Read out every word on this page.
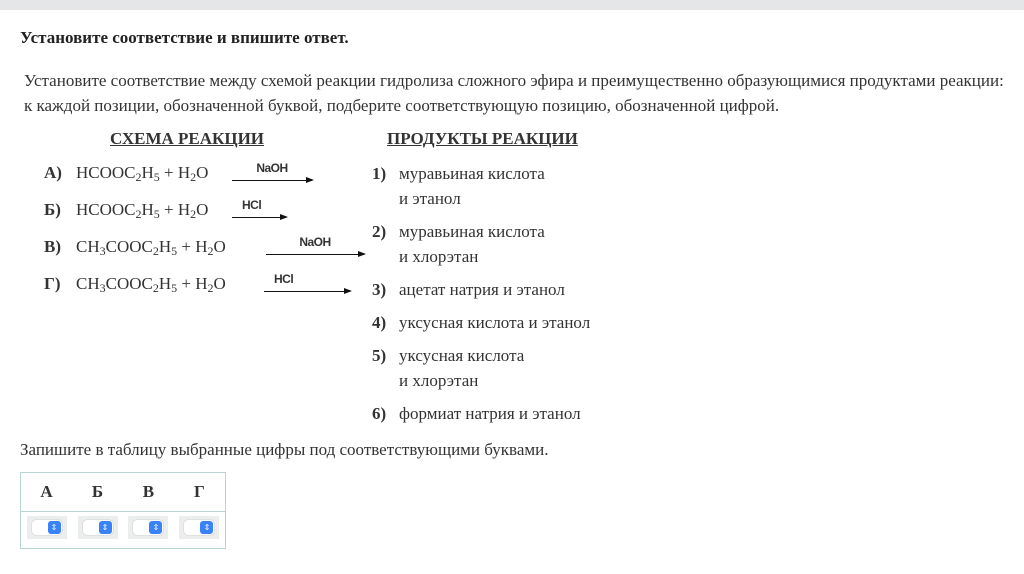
Установите соответствие и впишите ответ.
Установите соответствие между схемой реакции гидролиза сложного эфира и преимущественно образующимися продуктами реакции: к каждой позиции, обозначенной буквой, подберите соответствующую позицию, обозначенной цифрой.
СХЕМА РЕАКЦИИ	ПРОДУКТЫ РЕАКЦИИ
А) $HCOOC_2H_5 + H_2O$	NaOH
Б) $HCOOC_2H_5 + H_2O$	HCl
В) $CH_3COOC_2H_5 + H_2O$	NaOH
Г) $CH_3COOC_2H_5 + H_2O$	HCl
1) муравьиная кислота
и этанол
2) муравьиная кислота
и хлорэтан
3) ацетат натрия и этанол
4) уксусная кислота и этанол
5) уксусная кислота
и хлорэтан
6) формиат натрия и этанол
Запишите в таблицу выбранные цифры под соответствующими буквами.
А	Б	В	Г

⇕	⇕	⇕	⇕
